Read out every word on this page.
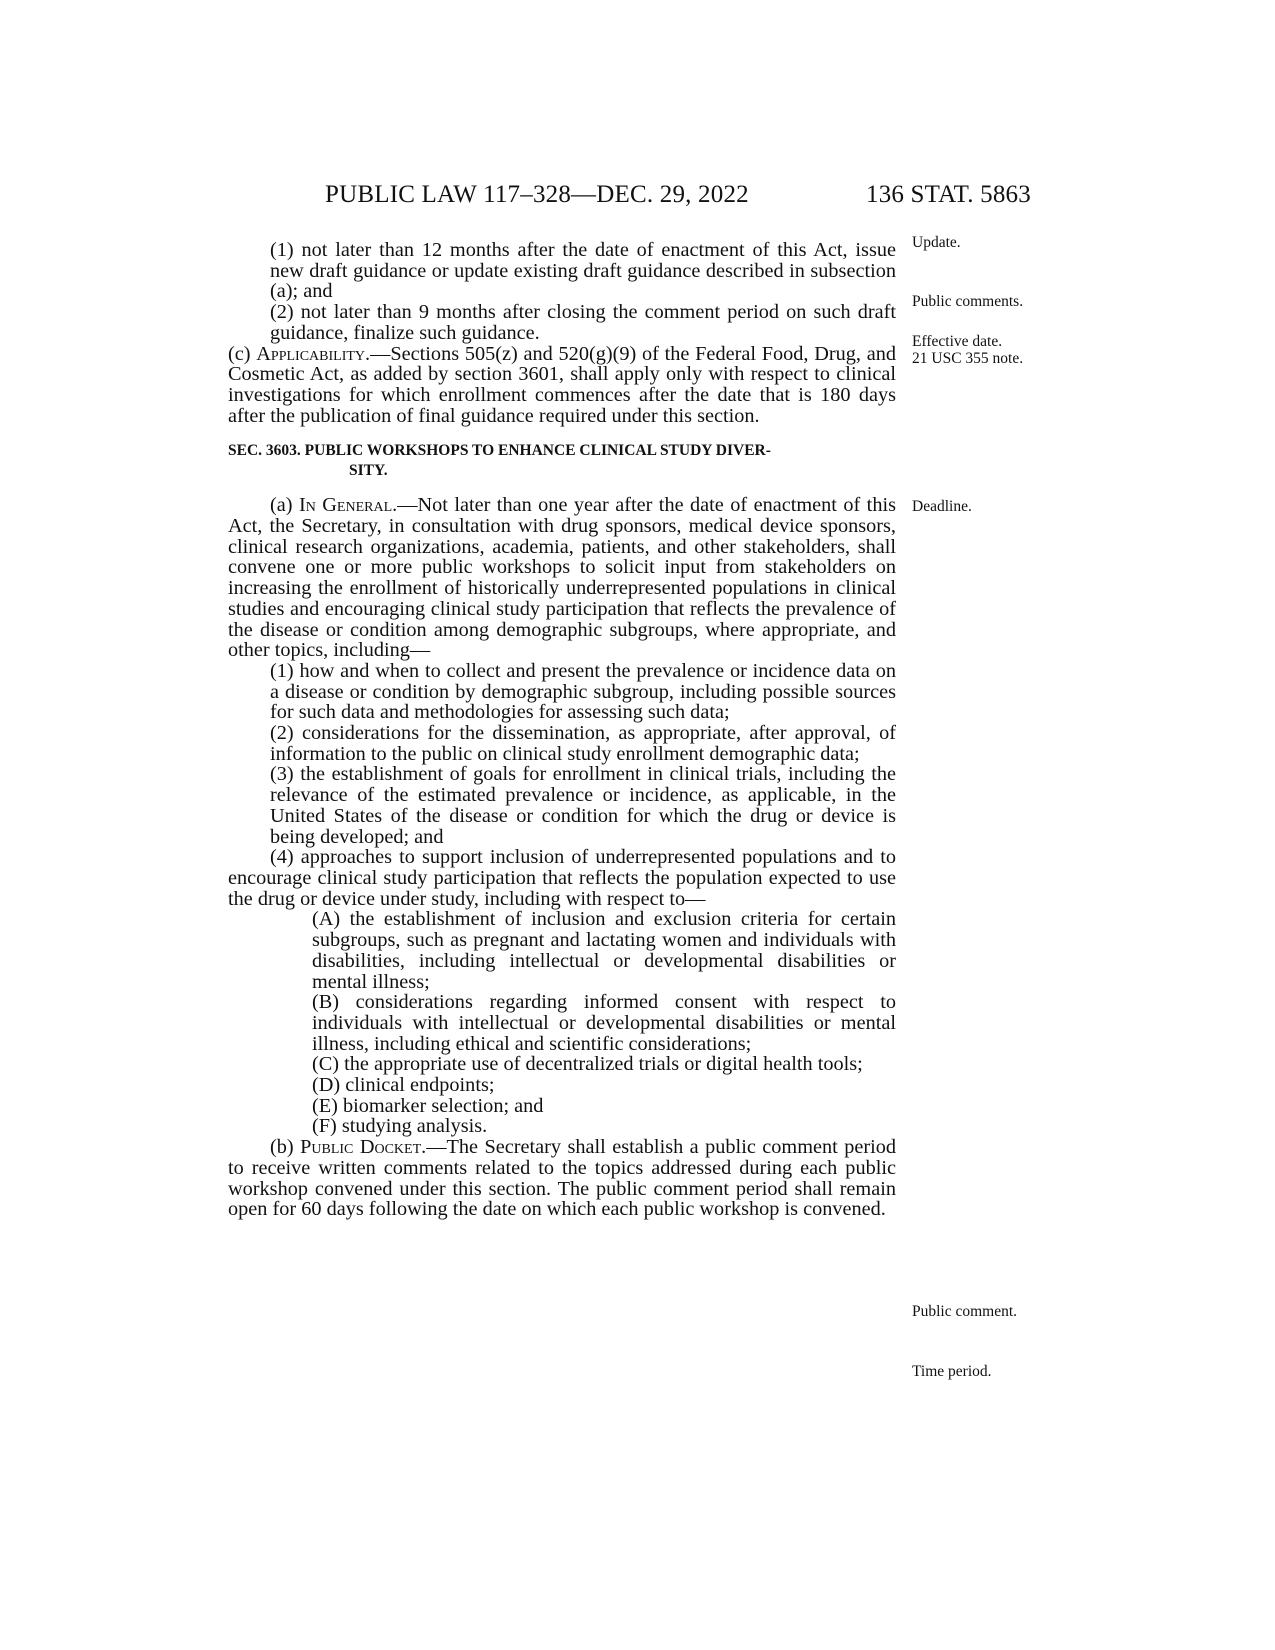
PUBLIC LAW 117–328—DEC. 29, 2022	136 STAT. 5863

(1) not later than 12 months after the date of enactment of this Act, issue new draft guidance or update existing draft guidance described in subsection (a); and

(2) not later than 9 months after closing the comment period on such draft guidance, finalize such guidance.

(c) Applicability.—Sections 505(z) and 520(g)(9) of the Federal Food, Drug, and Cosmetic Act, as added by section 3601, shall apply only with respect to clinical investigations for which enrollment commences after the date that is 180 days after the publication of final guidance required under this section.

SEC. 3603. PUBLIC WORKSHOPS TO ENHANCE CLINICAL STUDY DIVER-
SITY.

(a) In General.—Not later than one year after the date of enactment of this Act, the Secretary, in consultation with drug sponsors, medical device sponsors, clinical research organizations, academia, patients, and other stakeholders, shall convene one or more public workshops to solicit input from stakeholders on increasing the enrollment of historically underrepresented populations in clinical studies and encouraging clinical study participation that reflects the prevalence of the disease or condition among demographic subgroups, where appropriate, and other topics, including—

(1) how and when to collect and present the prevalence or incidence data on a disease or condition by demographic subgroup, including possible sources for such data and methodologies for assessing such data;

(2) considerations for the dissemination, as appropriate, after approval, of information to the public on clinical study enrollment demographic data;

(3) the establishment of goals for enrollment in clinical trials, including the relevance of the estimated prevalence or incidence, as applicable, in the United States of the disease or condition for which the drug or device is being developed; and

(4) approaches to support inclusion of underrepresented populations and to encourage clinical study participation that reflects the population expected to use the drug or device under study, including with respect to—

(A) the establishment of inclusion and exclusion criteria for certain subgroups, such as pregnant and lactating women and individuals with disabilities, including intellectual or developmental disabilities or mental illness;

(B) considerations regarding informed consent with respect to individuals with intellectual or developmental disabilities or mental illness, including ethical and scientific considerations;

(C) the appropriate use of decentralized trials or digital health tools;

(D) clinical endpoints;

(E) biomarker selection; and

(F) studying analysis.

(b) Public Docket.—The Secretary shall establish a public comment period to receive written comments related to the topics addressed during each public workshop convened under this section. The public comment period shall remain open for 60 days following the date on which each public workshop is convened.

Update.
Public comments.
Effective date.
21 USC 355 note.
Deadline.
Public comment.
Time period.
